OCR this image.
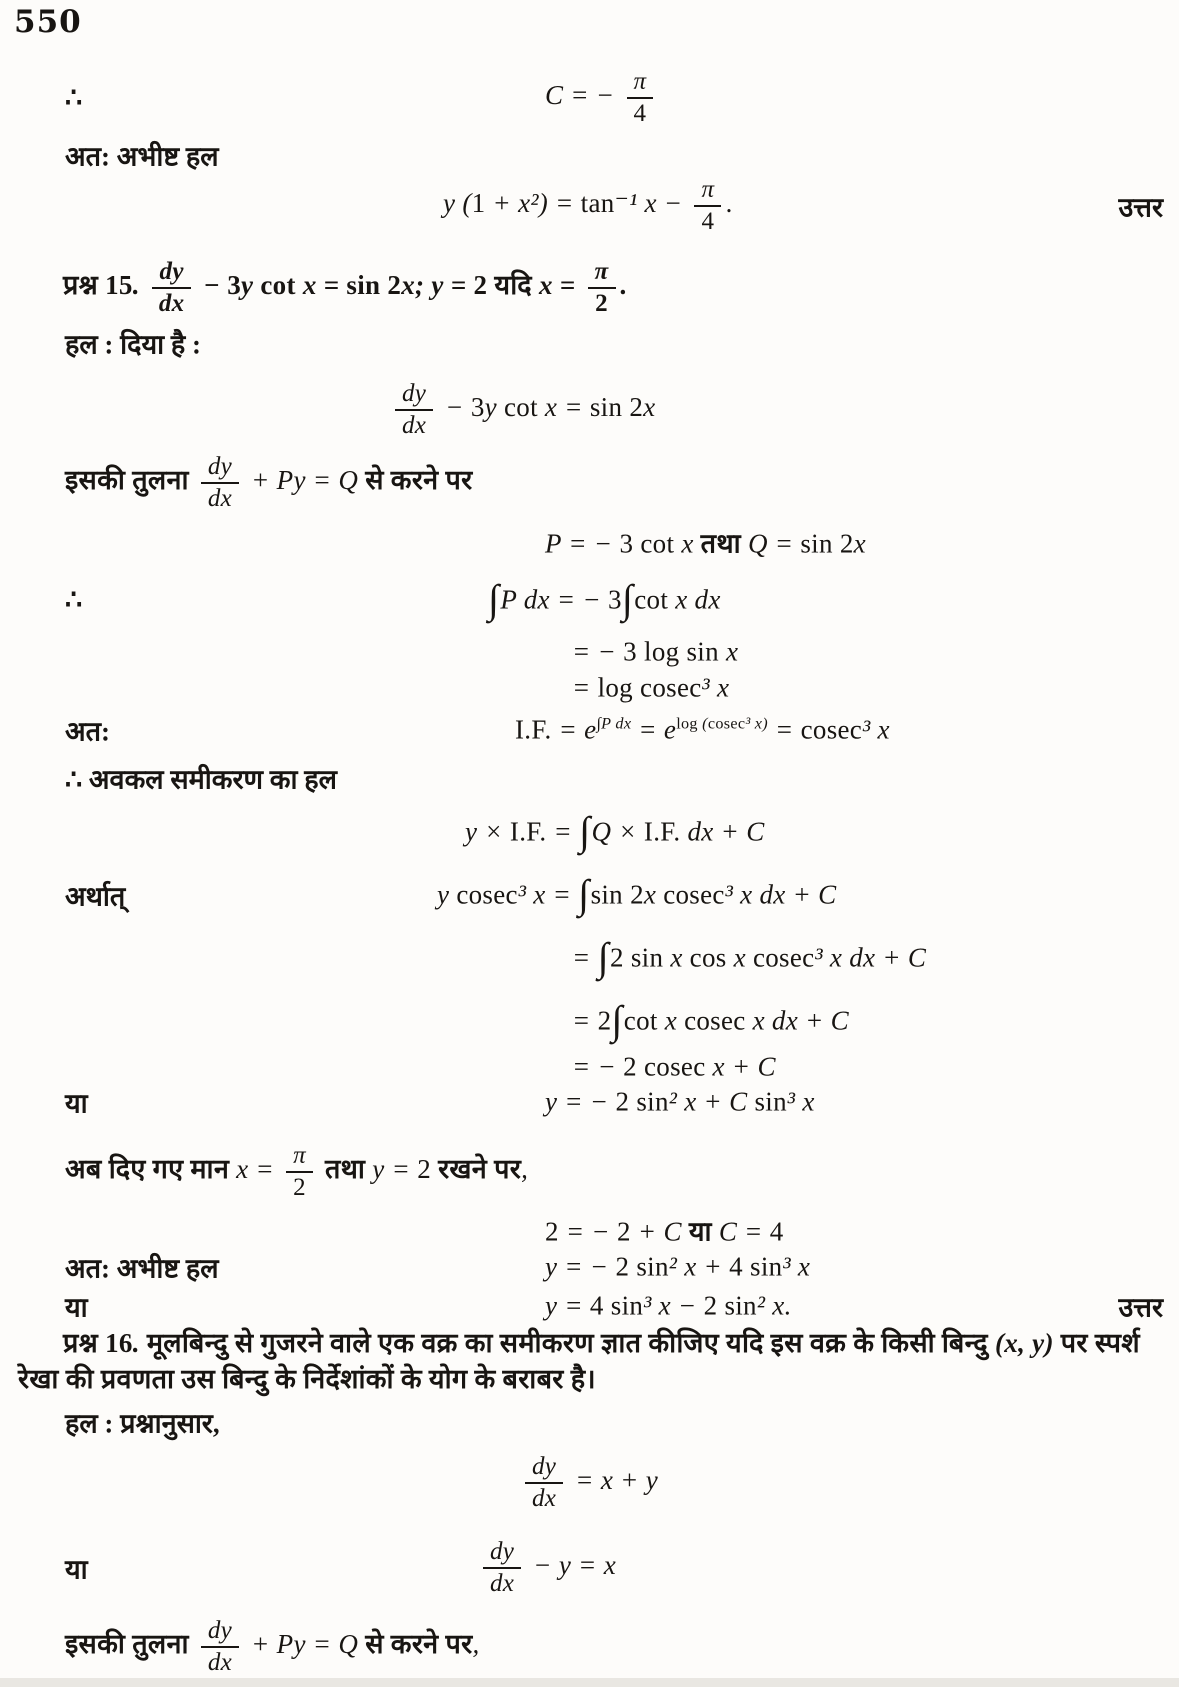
550
∴	C = − $\frac{\pi}{4}$
अत: अभीष्ट हल
y (1 + x²) = tan⁻¹ $x - \frac{\pi}{4}$ .	उत्तर
प्रश्न 15. $\frac{dy}{dx} - 3y$ cot x = sin 2x; y = 2 यदि $x = \frac{\pi}{2}$ .
हल : दिया है :
$\frac{dy}{dx} - 3y$ cot x = sin 2x
इसकी तुलना $\frac{dy}{dx} + Py = Q$ से करने पर
P = − 3 cot x तथा Q = sin 2x
∴	∫P dx = − 3∫cot x dx
= − 3 log sin x
= log cosec³ x
अत:	I.F. = $e^{\int P dx} = e^{log (cosec^3 x)} = cosec^3$ x
∴ अवकल समीकरण का हल
y × I.F. = ∫Q × I.F. dx + C
अर्थात्	y cosec³ x = ∫sin 2x cosec³ x dx + C
= ∫2 sin x cos x cosec³ x dx + C
= 2∫cot x cosec x dx + C
= − 2 cosec x + C
या	y = − 2 sin² x + C sin³ x
अब दिए गए मान $x = \frac{\pi}{2}$ तथा y = 2 रखने पर,
2 = − 2 + C या C = 4
अत: अभीष्ट हल	y = − 2 sin² x + 4 sin³ x
या	y = 4 sin³ x − 2 sin² x.	उत्तर
प्रश्न 16. मूलबिन्दु से गुजरने वाले एक वक्र का समीकरण ज्ञात कीजिए यदि इस वक्र के किसी बिन्दु (x, y) पर स्पर्श रेखा की प्रवणता उस बिन्दु के निर्देशांकों के योग के बराबर है।
हल : प्रश्नानुसार,
$\frac{dy}{dx} = x + y$
या	$\frac{dy}{dx} - y = x$
इसकी तुलना $\frac{dy}{dx} + Py = Q$ से करने पर,
